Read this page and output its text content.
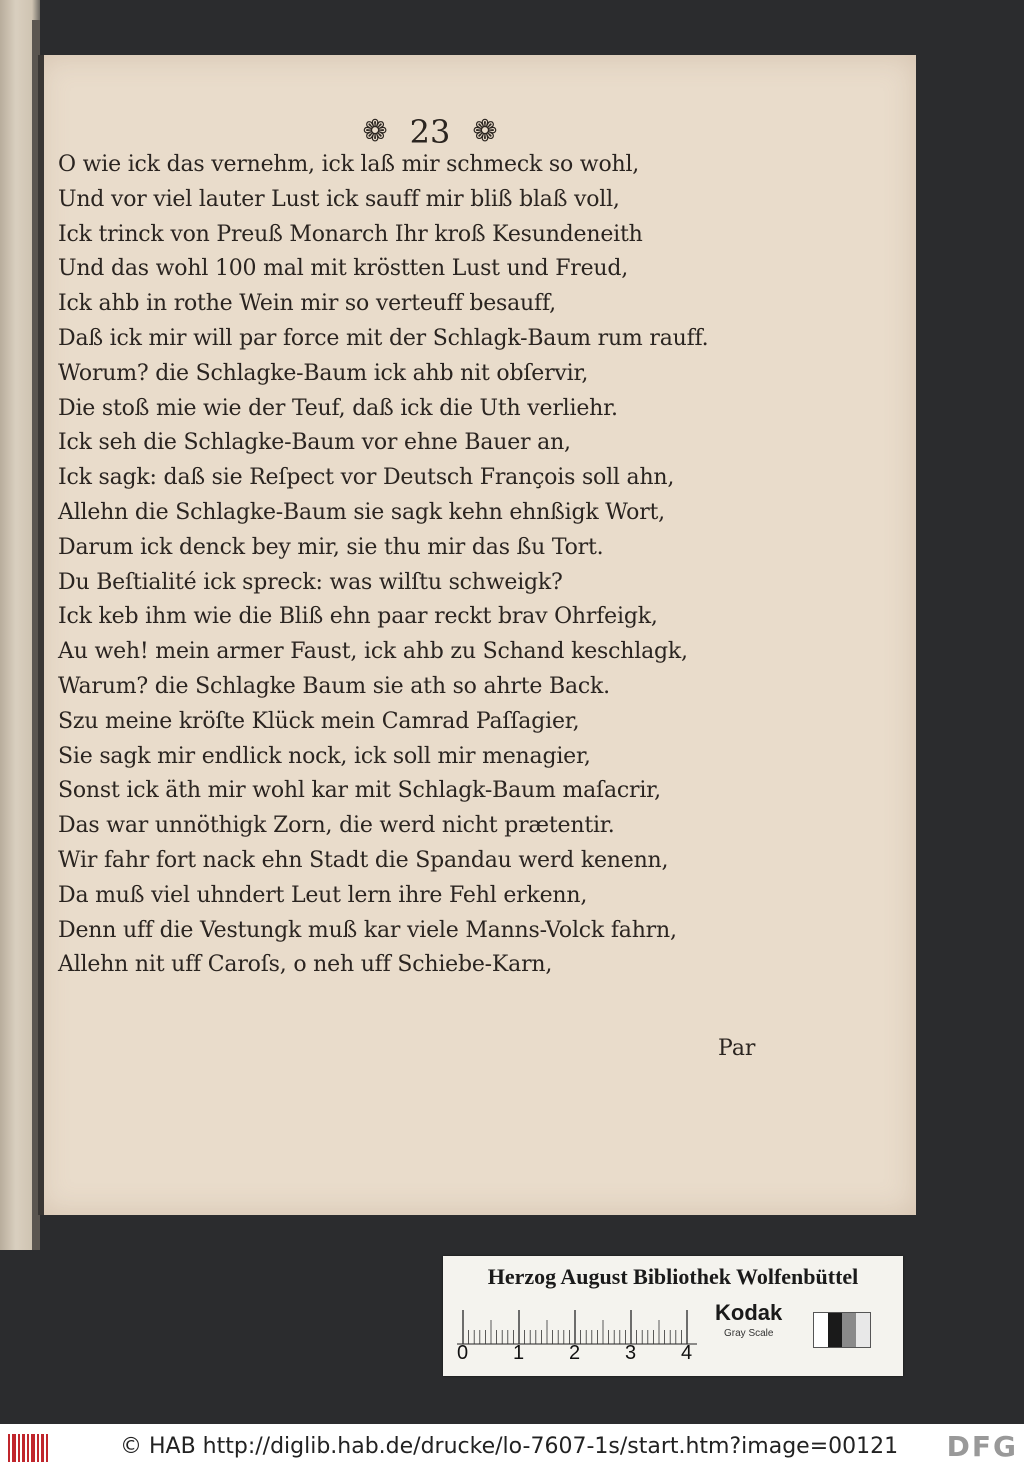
❁ 23 ❁
O wie ick das vernehm, ick laß mir schmeck so wohl,
Und vor viel lauter Lust ick sauff mir bliß blaß voll,
Ick trinck von Preuß Monarch Ihr kroß Kesundeneith
Und das wohl 100 mal mit kröstten Lust und Freud,
Ick ahb in rothe Wein mir so verteuff besauff,
Daß ick mir will par force mit der Schlagk-Baum rum rauff.
Worum? die Schlagke-Baum ick ahb nit obſervir,
Die stoß mie wie der Teuf, daß ick die Uth verliehr.
Ick seh die Schlagke-Baum vor ehne Bauer an,
Ick sagk: daß sie Reſpect vor Deutsch François soll ahn,
Allehn die Schlagke-Baum sie sagk kehn ehnßigk Wort,
Darum ick denck bey mir, sie thu mir das ßu Tort.
Du Beſtialité ick spreck: was wilſtu schweigk?
Ick keb ihm wie die Bliß ehn paar reckt brav Ohrfeigk,
Au weh! mein armer Faust, ick ahb zu Schand keschlagk,
Warum? die Schlagke Baum sie ath so ahrte Back.
Szu meine kröſte Klück mein Camrad Paſſagier,
Sie sagk mir endlick nock, ick soll mir menagier,
Sonst ick äth mir wohl kar mit Schlagk-Baum maſacrir,
Das war unnöthigk Zorn, die werd nicht prætentir.
Wir fahr fort nack ehn Stadt die Spandau werd kenenn,
Da muß viel uhndert Leut lern ihre Fehl erkenn,
Denn uff die Vestungk muß kar viele Manns-Volck fahrn,
Allehn nit uff Caroſs, o neh uff Schiebe-Karn,
Par
Herzog August Bibliothek Wolfenbüttel
0 1 2 3 4
Kodak
Gray Scale
© HAB http://diglib.hab.de/drucke/lo-7607-1s/start.htm?image=00121 DFG
